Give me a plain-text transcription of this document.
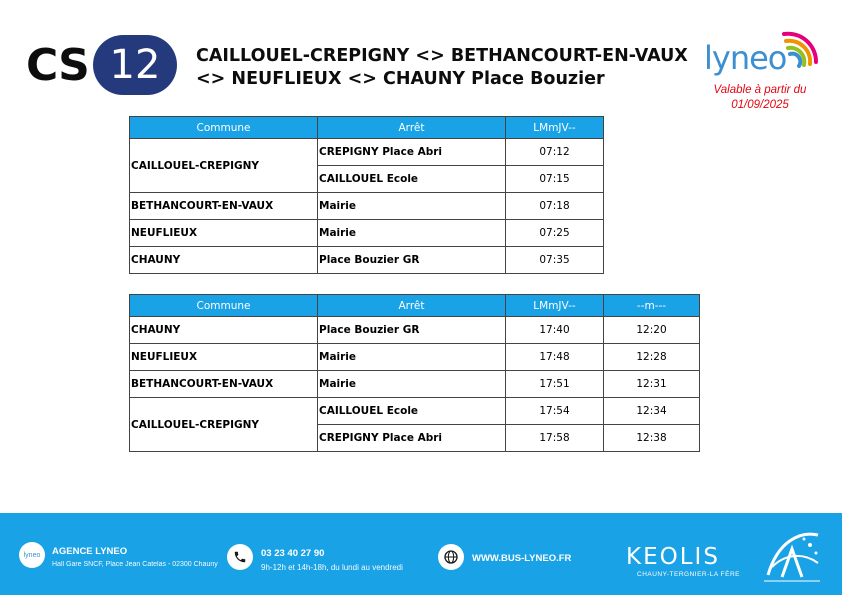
CS 12	CAILLOUEL-CREPIGNY <> BETHANCOURT-EN-VAUX
<> NEUFLIEUX <> CHAUNY Place Bouzier
lyneo
Valable à partir du
01/09/2025
Commune	Arrêt	LMmJV--
CAILLOUEL-CREPIGNY	CREPIGNY Place Abri	07:12
	CAILLOUEL Ecole	07:15
BETHANCOURT-EN-VAUX	Mairie	07:18
NEUFLIEUX	Mairie	07:25
CHAUNY	Place Bouzier GR	07:35
Commune	Arrêt	LMmJV--	--m---
CHAUNY	Place Bouzier GR	17:40	12:20
NEUFLIEUX	Mairie	17:48	12:28
BETHANCOURT-EN-VAUX	Mairie	17:51	12:31
CAILLOUEL-CREPIGNY	CAILLOUEL Ecole	17:54	12:34
	CREPIGNY Place Abri	17:58	12:38
lyneo AGENCE LYNEO
Hall Gare SNCF, Place Jean Catelas - 02300 Chauny
03 23 40 27 90
9h-12h et 14h-18h, du lundi au vendredi
WWW.BUS-LYNEO.FR KEOLIS
CHAUNY-TERGNIER-LA FÈRE
